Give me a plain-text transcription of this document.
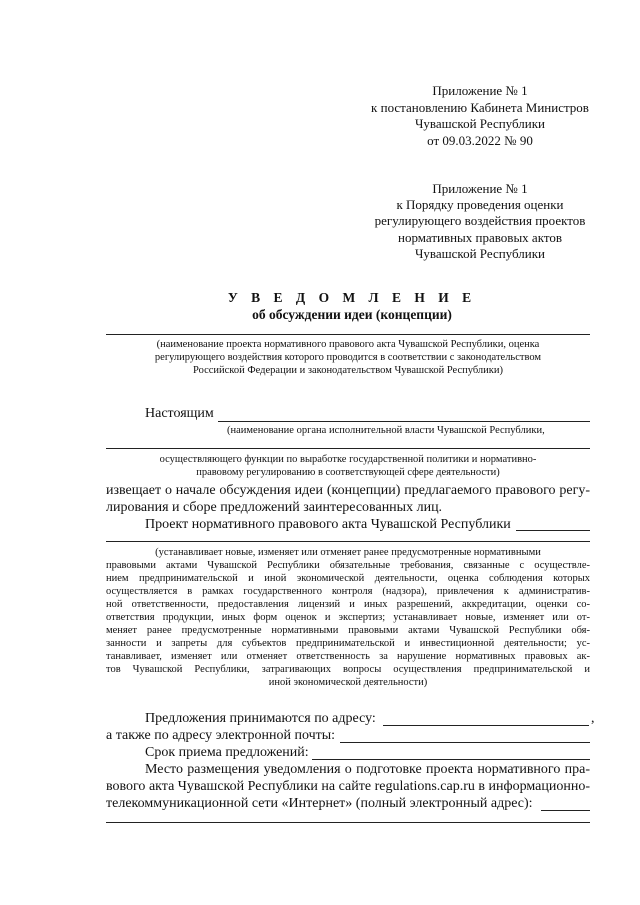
Приложение № 1
к постановлению Кабинета Министров
Чувашской Республики
от 09.03.2022 № 90
Приложение № 1
к Порядку проведения оценки
регулирующего воздействия проектов
нормативных правовых актов
Чувашской Республики
У В Е Д О М Л Е Н И Е
об обсуждении идеи (концепции)
(наименование проекта нормативного правового акта Чувашской Республики, оценка
регулирующего воздействия которого проводится в соответствии с законодательством
Российской Федерации и законодательством Чувашской Республики)
Настоящим
(наименование органа исполнительной власти Чувашской Республики,
осуществляющего функции по выработке государственной политики и нормативно-
правовому регулированию в соответствующей сфере деятельности)
извещает о начале обсуждения идеи (концепции) предлагаемого правового регу-
лирования и сборе предложений заинтересованных лиц.
Проект нормативного правового акта Чувашской Республики
(устанавливает новые, изменяет или отменяет ранее предусмотренные нормативными
правовыми актами Чувашской Республики обязательные требования, связанные с осуществле-
нием предпринимательской и иной экономической деятельности, оценка соблюдения которых
осуществляется в рамках государственного контроля (надзора), привлечения к административ-
ной ответственности, предоставления лицензий и иных разрешений, аккредитации, оценки со-
ответствия продукции, иных форм оценок и экспертиз; устанавливает новые, изменяет или от-
меняет ранее предусмотренные нормативными правовыми актами Чувашской Республики обя-
занности и запреты для субъектов предпринимательской и инвестиционной деятельности; ус-
танавливает, изменяет или отменяет ответственность за нарушение нормативных правовых ак-
тов Чувашской Республики, затрагивающих вопросы осуществления предпринимательской и
иной экономической деятельности)
Предложения принимаются по адресу:	,
а также по адресу электронной почты:
Срок приема предложений:
Место размещения уведомления о подготовке проекта нормативного пра-
вового акта Чувашской Республики на сайте regulations.cap.ru в информационно-
телекоммуникационной сети «Интернет» (полный электронный адрес):
